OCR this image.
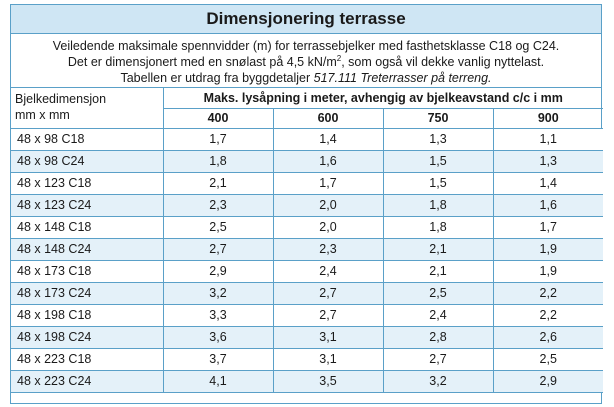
Dimensjonering terrasse
Veiledende maksimale spennvidder (m) for terrassebjelker med fasthetsklasse C18 og C24.
Det er dimensjonert med en snølast på 4,5 $kN/m^2$, som også vil dekke vanlig nyttelast.
Tabellen er utdrag fra byggdetaljer 517.111 Treterrasser på terreng.
Bjelkedimensjon
mm x mm	Maks. lysåpning i meter, avhengig av bjelkeavstand c/c i mm			
	400	600	750	900
48 x 98 C18	1,7	1,4	1,3	1,1
48 x 98 C24	1,8	1,6	1,5	1,3
48 x 123 C18	2,1	1,7	1,5	1,4
48 x 123 C24	2,3	2,0	1,8	1,6
48 x 148 C18	2,5	2,0	1,8	1,7
48 x 148 C24	2,7	2,3	2,1	1,9
48 x 173 C18	2,9	2,4	2,1	1,9
48 x 173 C24	3,2	2,7	2,5	2,2
48 x 198 C18	3,3	2,7	2,4	2,2
48 x 198 C24	3,6	3,1	2,8	2,6
48 x 223 C18	3,7	3,1	2,7	2,5
48 x 223 C24	4,1	3,5	3,2	2,9
